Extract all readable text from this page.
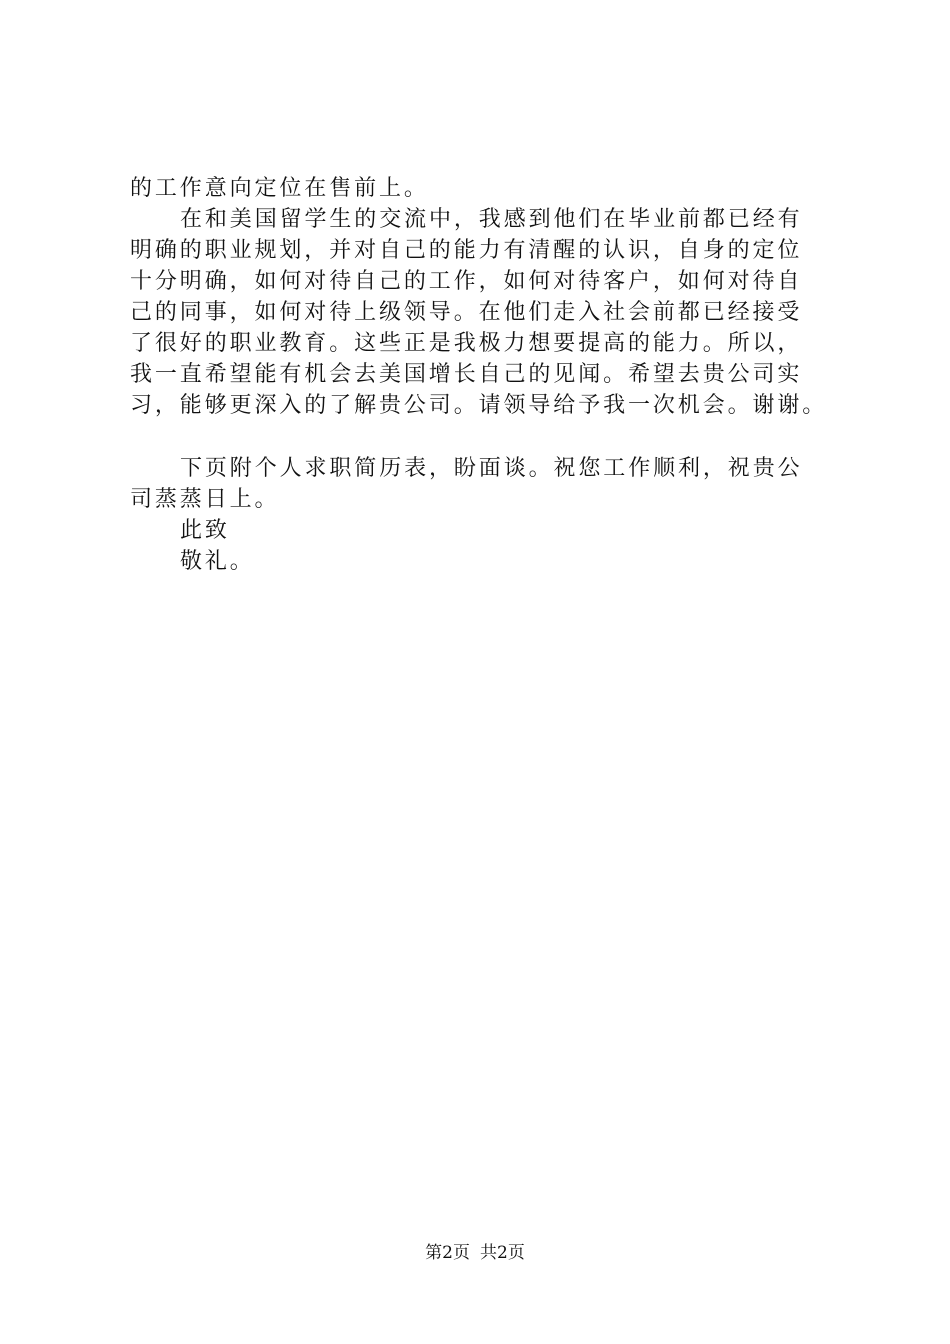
的工作意向定位在售前上。
在和美国留学生的交流中，我感到他们在毕业前都已经有
明确的职业规划，并对自己的能力有清醒的认识，自身的定位
十分明确，如何对待自己的工作，如何对待客户，如何对待自
己的同事，如何对待上级领导。在他们走入社会前都已经接受
了很好的职业教育。这些正是我极力想要提高的能力。所以，
我一直希望能有机会去美国增长自己的见闻。希望去贵公司实
习，能够更深入的了解贵公司。请领导给予我一次机会。谢谢。
下页附个人求职简历表，盼面谈。祝您工作顺利，祝贵公
司蒸蒸日上。
此致
敬礼。
第2页 共2页
